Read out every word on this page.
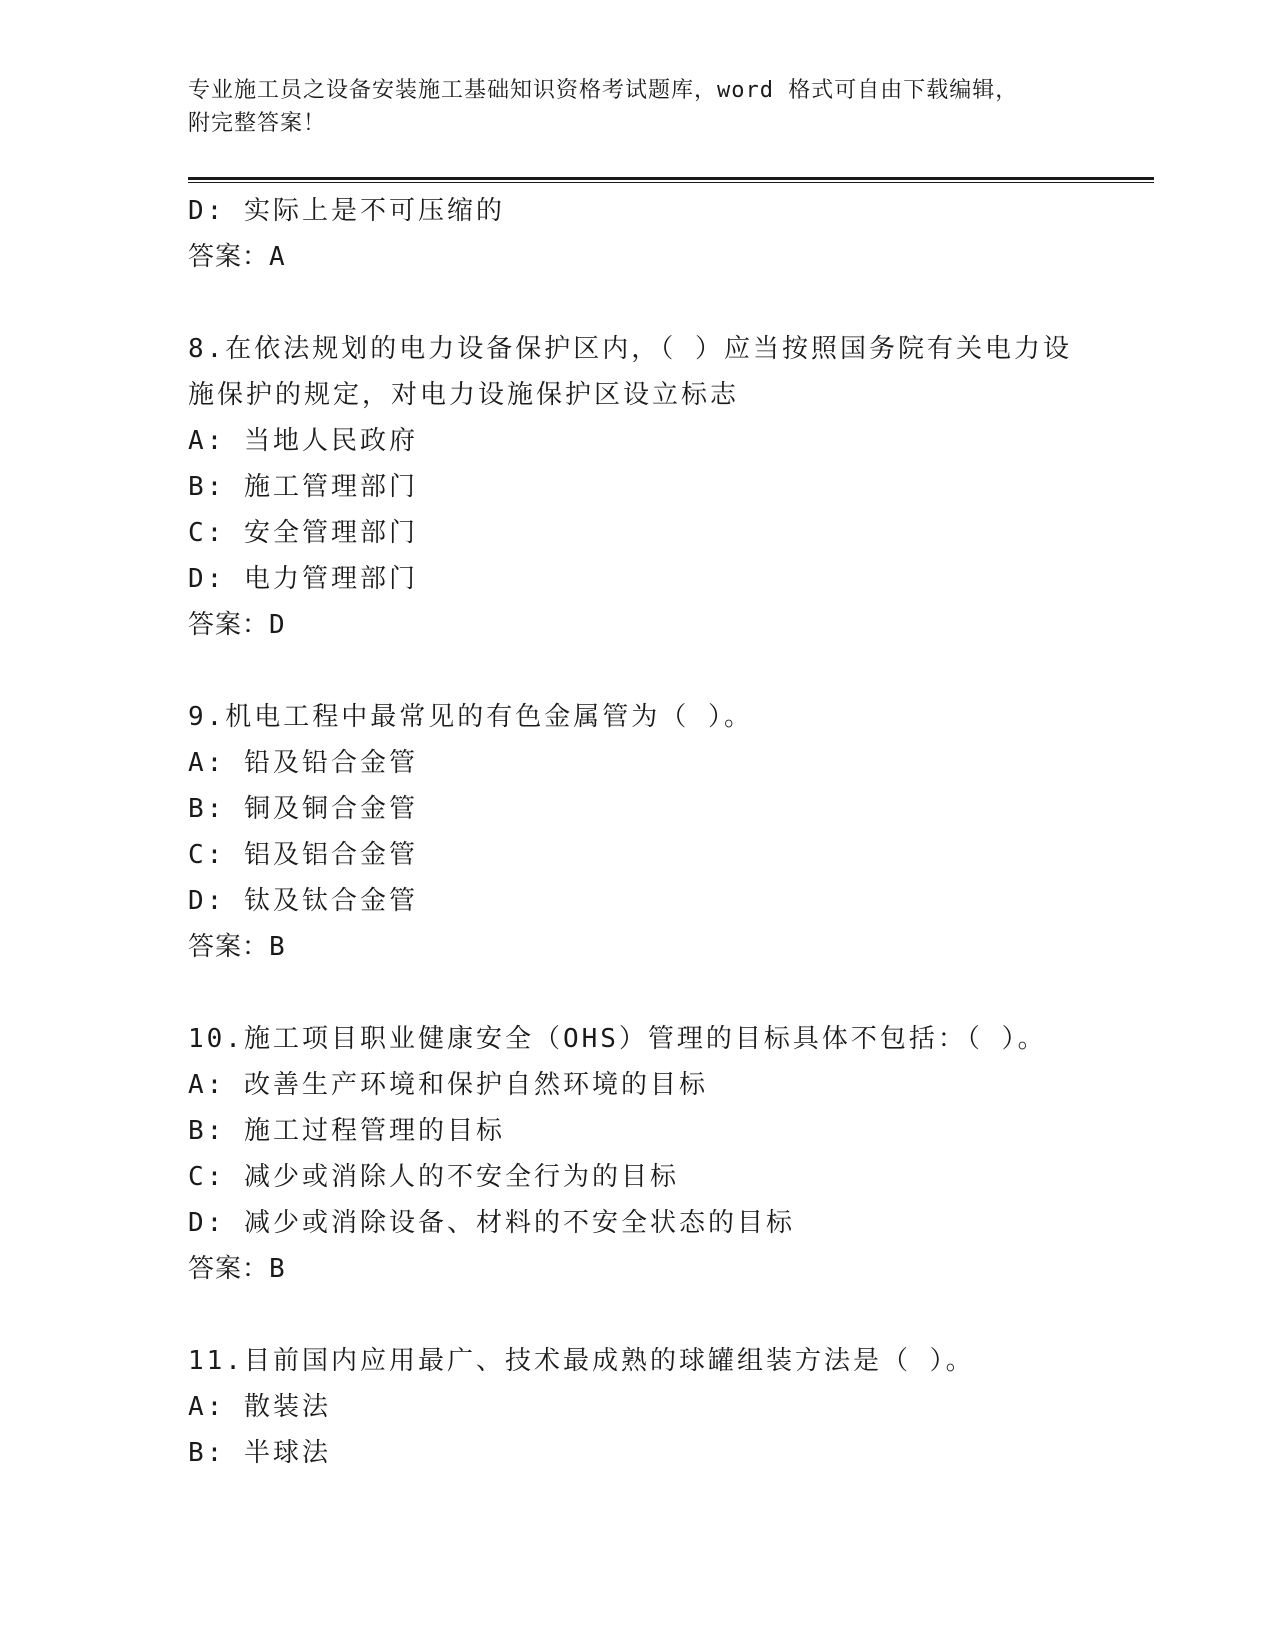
专业施工员之设备安装施工基础知识资格考试题库，word 格式可自由下载编辑，
附完整答案！
D: 实际上是不可压缩的
答案：A
8.在依法规划的电力设备保护区内，（ ）应当按照国务院有关电力设
施保护的规定，对电力设施保护区设立标志
A: 当地人民政府
B: 施工管理部门
C: 安全管理部门
D: 电力管理部门
答案：D
9.机电工程中最常见的有色金属管为（ ）。
A: 铅及铅合金管
B: 铜及铜合金管
C: 铝及铝合金管
D: 钛及钛合金管
答案：B
10.施工项目职业健康安全（OHS）管理的目标具体不包括：（ ）。
A: 改善生产环境和保护自然环境的目标
B: 施工过程管理的目标
C: 减少或消除人的不安全行为的目标
D: 减少或消除设备、材料的不安全状态的目标
答案：B
11.目前国内应用最广、技术最成熟的球罐组装方法是（ ）。
A: 散装法
B: 半球法
